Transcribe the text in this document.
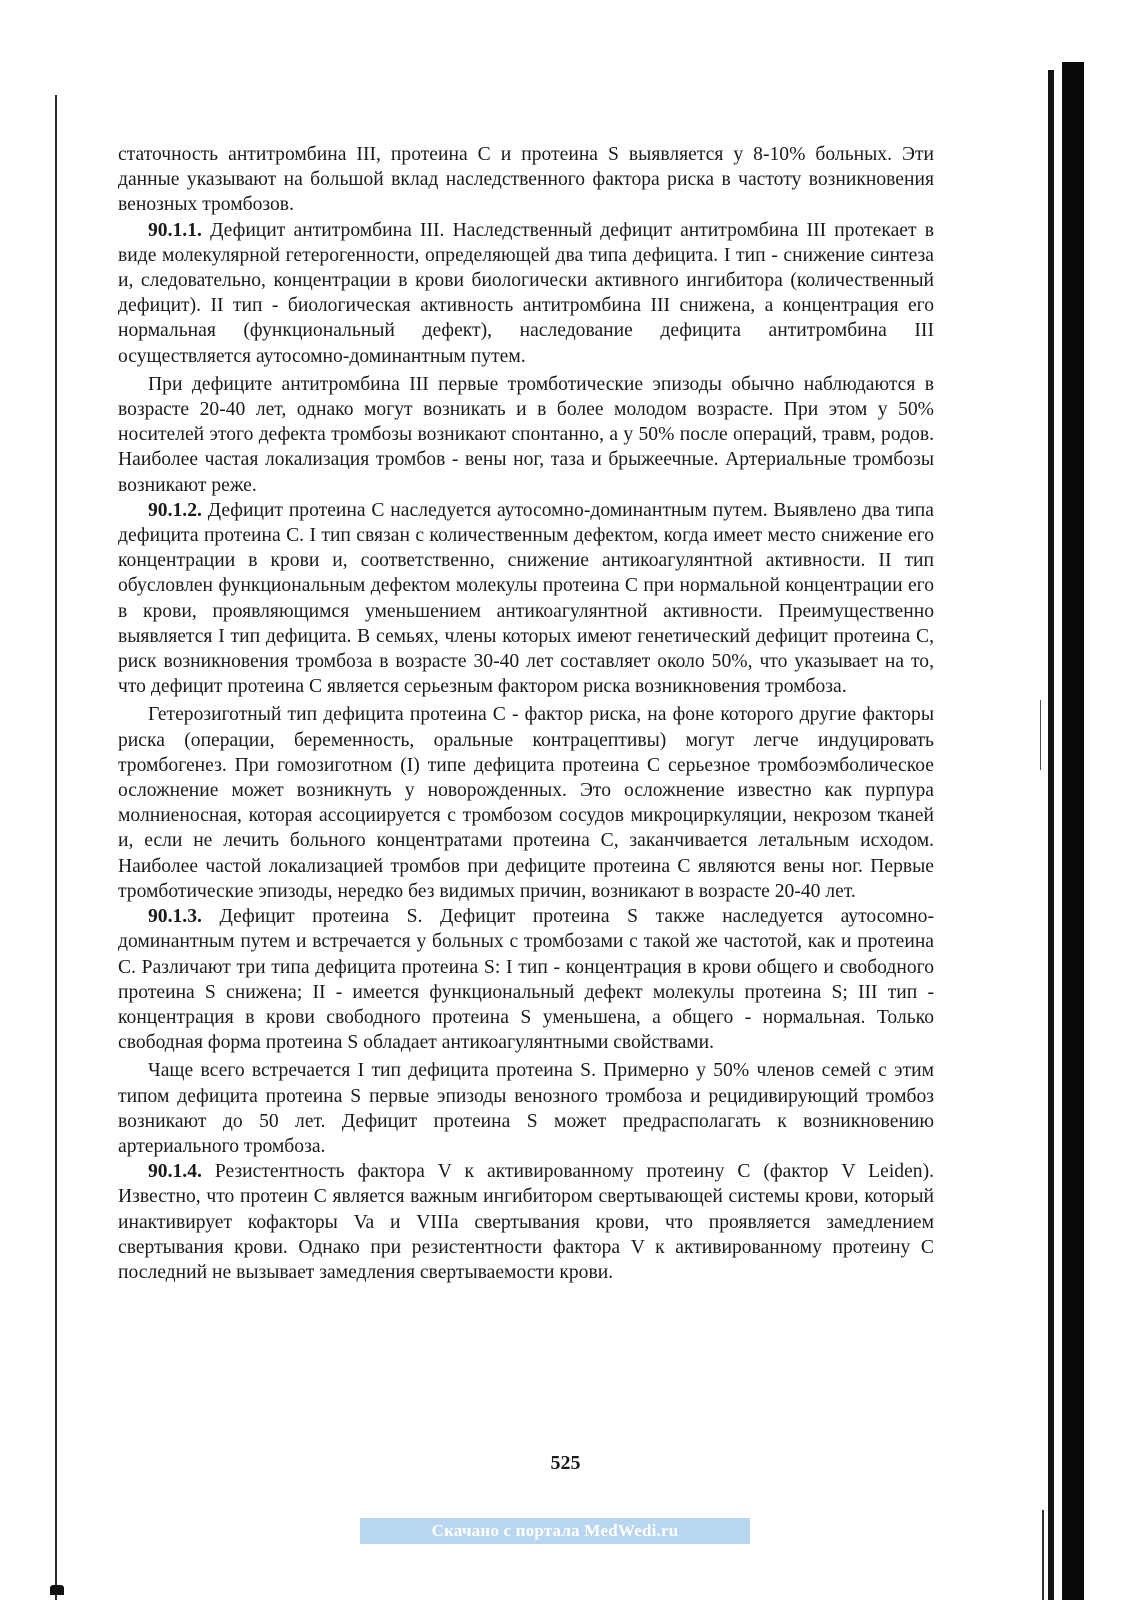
статочность антитромбина III, протеина С и протеина S выявляется у 8-10% больных. Эти данные указывают на большой вклад наследственного фактора риска в частоту возникновения венозных тромбозов.

90.1.1. Дефицит антитромбина III. Наследственный дефицит антитромбина III протекает в виде молекулярной гетерогенности, определяющей два типа дефицита. I тип - снижение синтеза и, следовательно, концентрации в крови биологически активного ингибитора (количественный дефицит). II тип - биологическая активность антитромбина III снижена, а концентрация его нормальная (функциональный дефект), наследование дефицита антитромбина III осуществляется аутосомно-доминантным путем.

При дефиците антитромбина III первые тромботические эпизоды обычно наблюдаются в возрасте 20-40 лет, однако могут возникать и в более молодом возрасте. При этом у 50% носителей этого дефекта тромбозы возникают спонтанно, а у 50% после операций, травм, родов. Наиболее частая локализация тромбов - вены ног, таза и брыжеечные. Артериальные тромбозы возникают реже.

90.1.2. Дефицит протеина С наследуется аутосомно-доминантным путем. Выявлено два типа дефицита протеина С. I тип связан с количественным дефектом, когда имеет место снижение его концентрации в крови и, соответственно, снижение антикоагулянтной активности. II тип обусловлен функциональным дефектом молекулы протеина С при нормальной концентрации его в крови, проявляющимся уменьшением антикоагулянтной активности. Преимущественно выявляется I тип дефицита. В семьях, члены которых имеют генетический дефицит протеина С, риск возникновения тромбоза в возрасте 30-40 лет составляет около 50%, что указывает на то, что дефицит протеина С является серьезным фактором риска возникновения тромбоза.

Гетерозиготный тип дефицита протеина С - фактор риска, на фоне которого другие факторы риска (операции, беременность, оральные контрацептивы) могут легче индуцировать тромбогенез. При гомозиготном (I) типе дефицита протеина С серьезное тромбоэмболическое осложнение может возникнуть у новорожденных. Это осложнение известно как пурпура молниеносная, которая ассоциируется с тромбозом сосудов микроциркуляции, некрозом тканей и, если не лечить больного концентратами протеина С, заканчивается летальным исходом. Наиболее частой локализацией тромбов при дефиците протеина С являются вены ног. Первые тромботические эпизоды, нередко без видимых причин, возникают в возрасте 20-40 лет.

90.1.3. Дефицит протеина S. Дефицит протеина S также наследуется аутосомно-доминантным путем и встречается у больных с тромбозами с такой же частотой, как и протеина С. Различают три типа дефицита протеина S: I тип - концентрация в крови общего и свободного протеина S снижена; II - имеется функциональный дефект молекулы протеина S; III тип - концентрация в крови свободного протеина S уменьшена, а общего - нормальная. Только свободная форма протеина S обладает антикоагулянтными свойствами.

Чаще всего встречается I тип дефицита протеина S. Примерно у 50% членов семей с этим типом дефицита протеина S первые эпизоды венозного тромбоза и рецидивирующий тромбоз возникают до 50 лет. Дефицит протеина S может предрасполагать к возникновению артериального тромбоза.

90.1.4. Резистентность фактора V к активированному протеину С (фактор V Leiden). Известно, что протеин С является важным ингибитором свертывающей системы крови, который инактивирует кофакторы Va и VIIIa свертывания крови, что проявляется замедлением свертывания крови. Однако при резистентности фактора V к активированному протеину С последний не вызывает замедления свертываемости крови.

525
Скачано с портала MedWedi.ru
